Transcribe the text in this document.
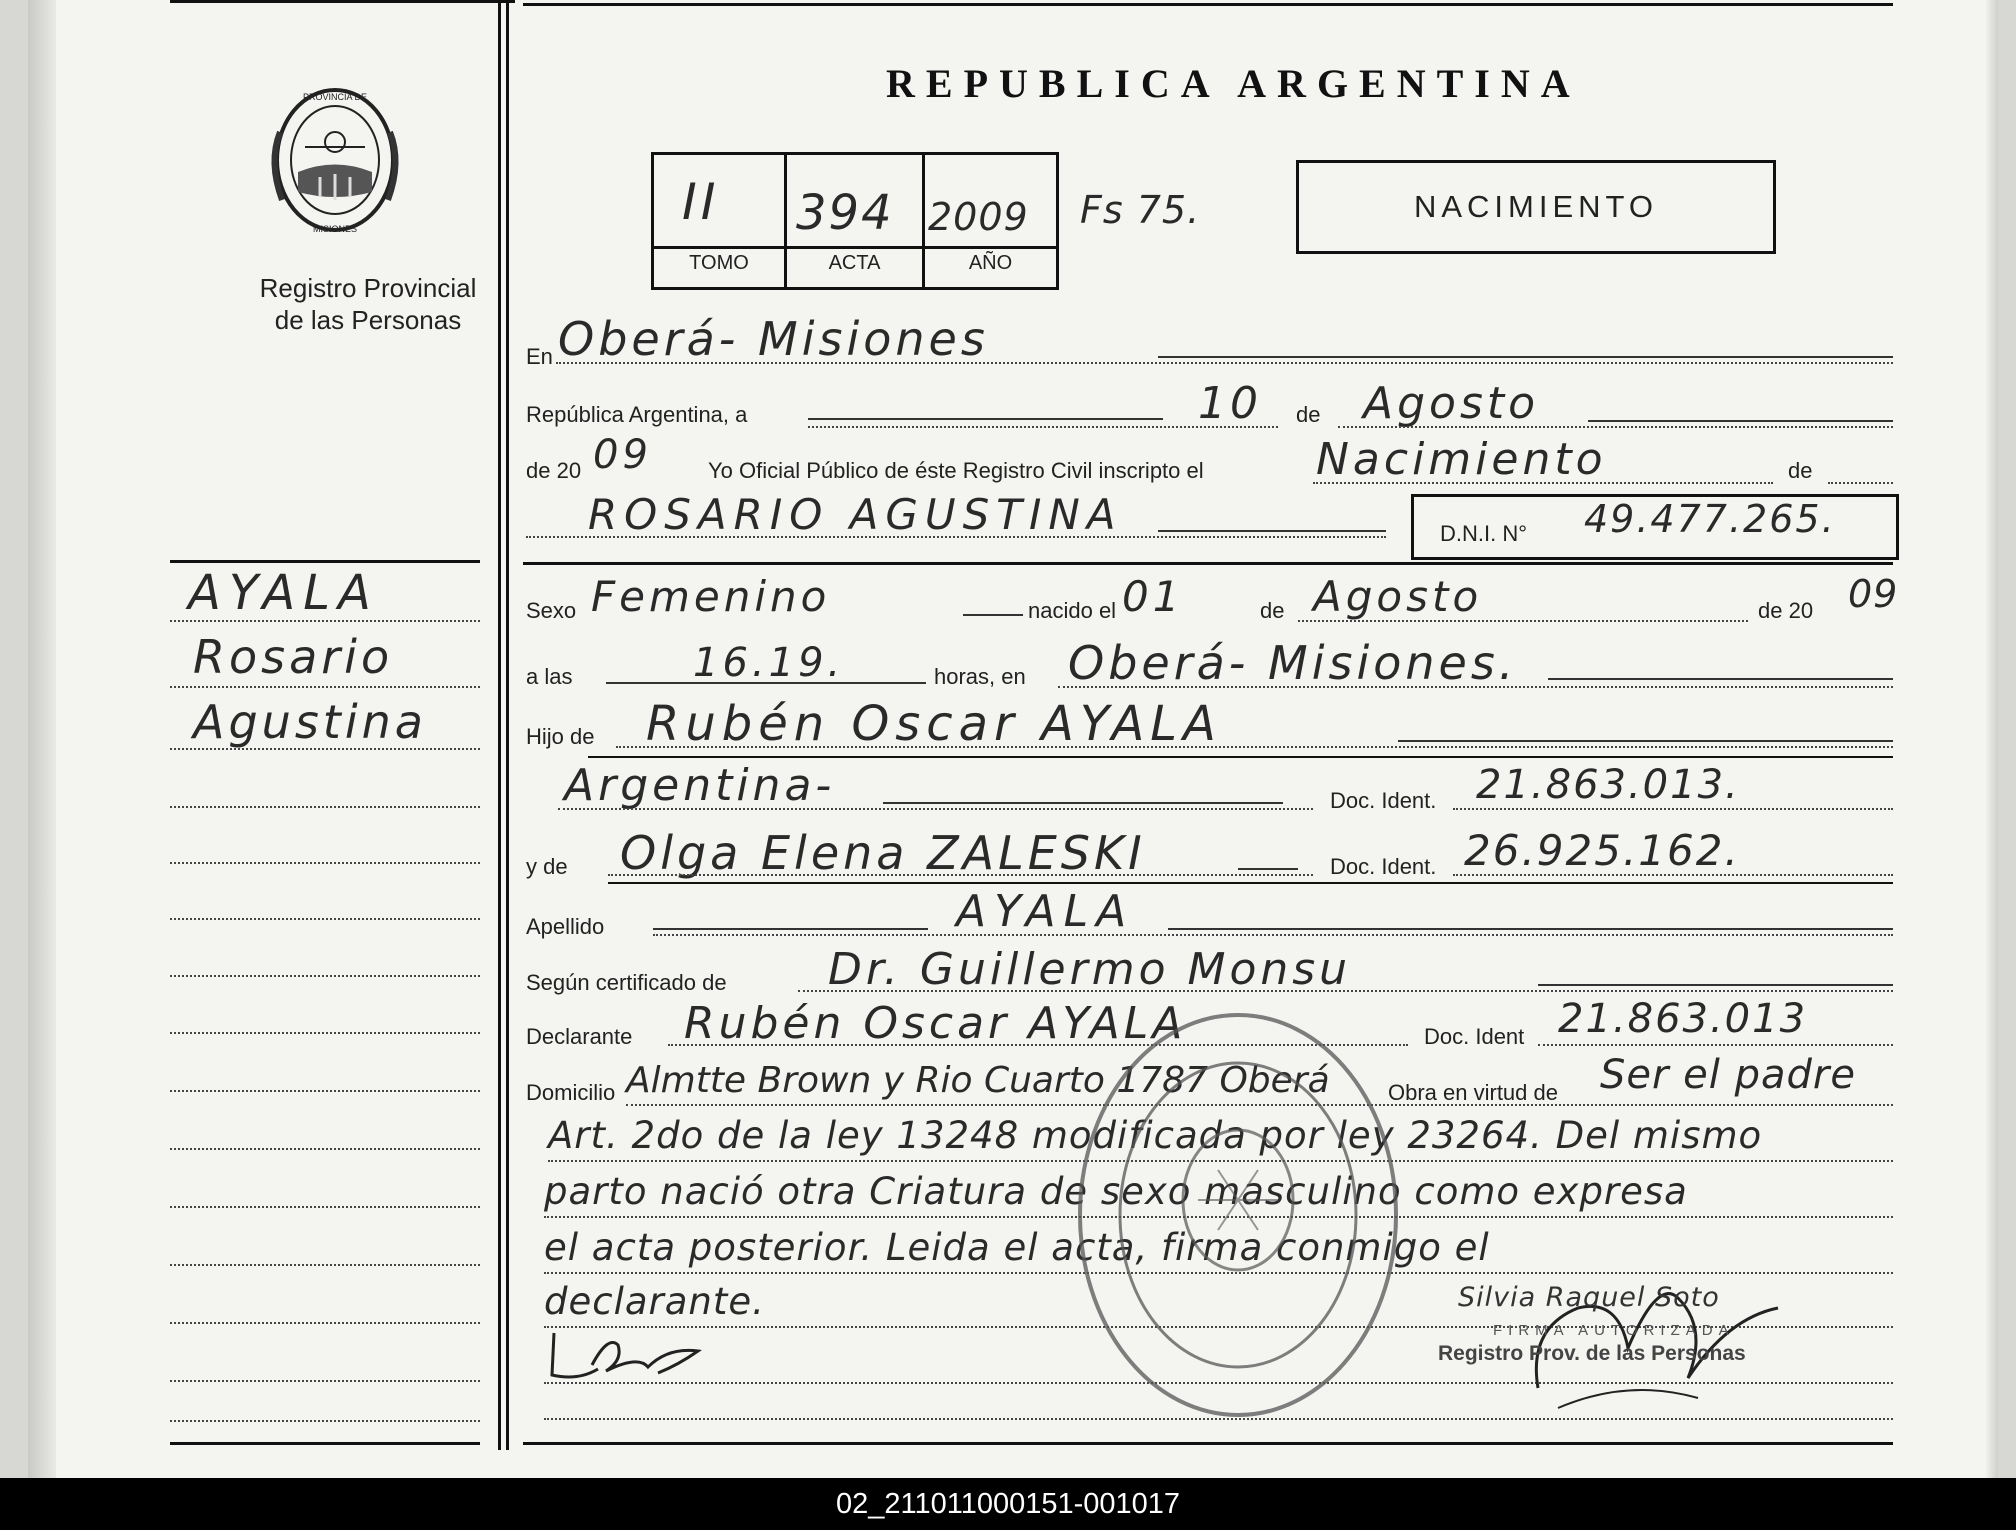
PROVINCIA DE
MISIONES
Registro Provincial
de las Personas
AYALA
Rosario
Agustina
REPUBLICA ARGENTINA
II 394 2009
TOMO	ACTA	AÑO
Fs 75.	NACIMIENTO
En Oberá- Misiones
República Argentina, a	10 de Agosto
de 20 09	Yo Oficial Público de éste Registro Civil inscripto el	Nacimiento	de
ROSARIO AGUSTINA	D.N.I. N° 49.477.265.
Sexo Femenino	nacido el 01	de Agosto	de 20 09
a las	16.19.	horas, en Oberá- Misiones.
Hijo de Rubén Oscar AYALA
Argentina-	Doc. Ident. 21.863.013.
y de Olga Elena ZALESKI	Doc. Ident. 26.925.162.
Apellido	AYALA
Según certificado de Dr. Guillermo Monsu
Declarante Rubén Oscar AYALA	Doc. Ident 21.863.013
Domicilio Almtte Brown y Rio Cuarto 1787 Oberá	Obra en virtud de Ser el padre
Art. 2do de la ley 13248 modificada por ley 23264. Del mismo
parto nació otra Criatura de sexo masculino como expresa
el acta posterior. Leida el acta, firma conmigo el
declarante.	Silvia Raquel Soto
FIRMA AUTORIZADA
Registro Prov. de las Personas
02_211011000151-001017
